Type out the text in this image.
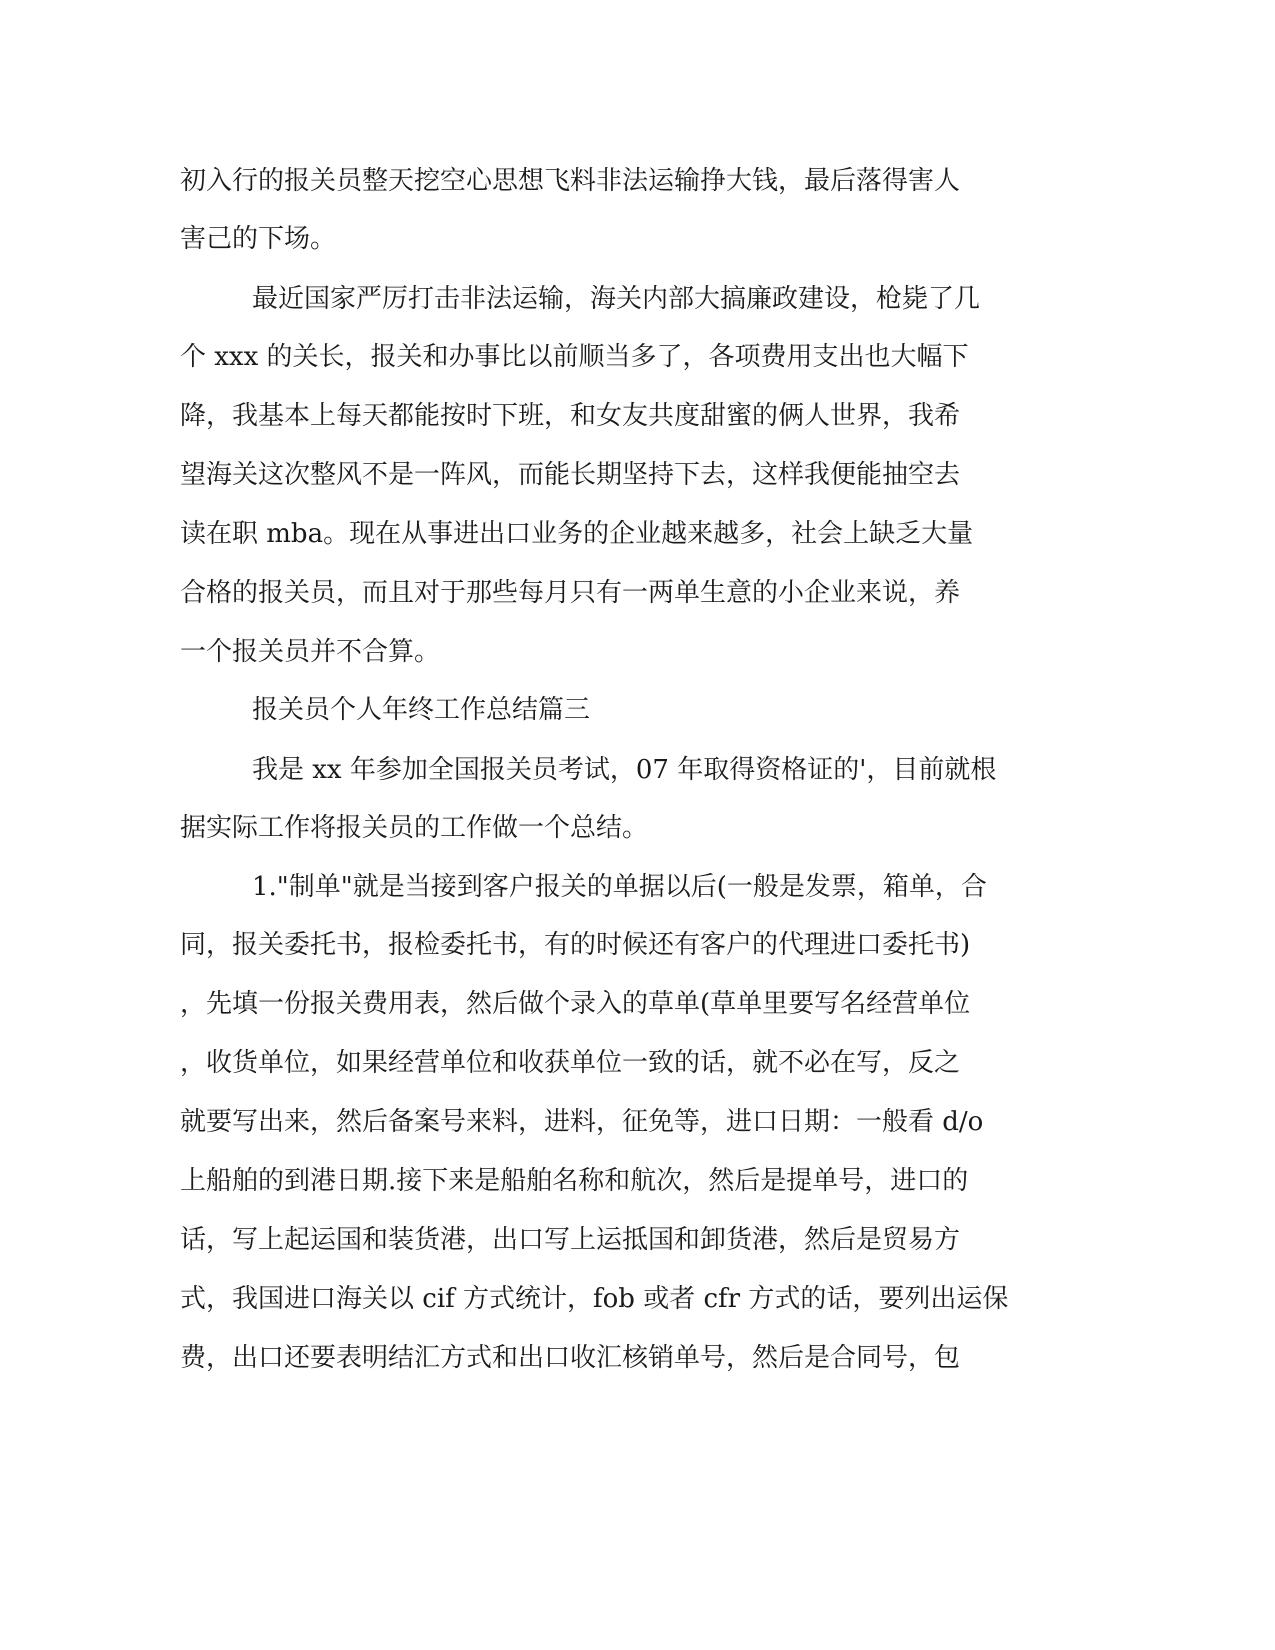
初入行的报关员整天挖空心思想飞料非法运输挣大钱，最后落得害人

害己的下场。

最近国家严厉打击非法运输，海关内部大搞廉政建设，枪毙了几

个 xxx 的关长，报关和办事比以前顺当多了，各项费用支出也大幅下

降，我基本上每天都能按时下班，和女友共度甜蜜的俩人世界，我希

望海关这次整风不是一阵风，而能长期坚持下去，这样我便能抽空去

读在职 mba。现在从事进出口业务的企业越来越多，社会上缺乏大量

合格的报关员，而且对于那些每月只有一两单生意的小企业来说，养

一个报关员并不合算。

报关员个人年终工作总结篇三

我是 xx 年参加全国报关员考试，07 年取得资格证的'，目前就根

据实际工作将报关员的工作做一个总结。

1."制单"就是当接到客户报关的单据以后(一般是发票，箱单，合

同，报关委托书，报检委托书，有的时候还有客户的代理进口委托书)

，先填一份报关费用表，然后做个录入的草单(草单里要写名经营单位

，收货单位，如果经营单位和收获单位一致的话，就不必在写，反之

就要写出来，然后备案号来料，进料，征免等，进口日期：一般看 d/o

上船舶的到港日期.接下来是船舶名称和航次，然后是提单号，进口的

话，写上起运国和装货港，出口写上运抵国和卸货港，然后是贸易方

式，我国进口海关以 cif 方式统计，fob 或者 cfr 方式的话，要列出运保

费，出口还要表明结汇方式和出口收汇核销单号，然后是合同号，包
